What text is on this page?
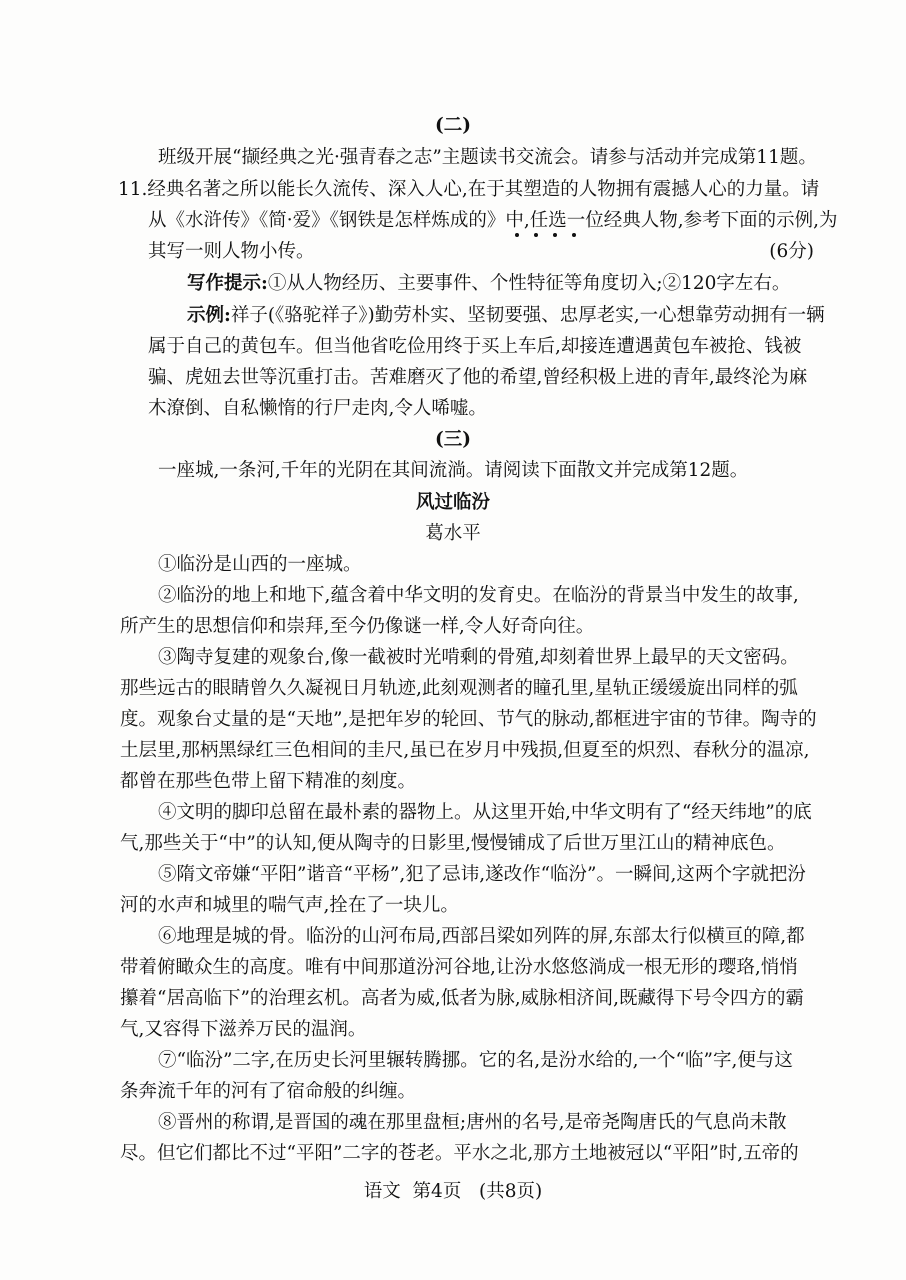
(二)
班级开展“撷经典之光·强青春之志”主题读书交流会。请参与活动并完成第11题。
11.经典名著之所以能长久流传、深入人心,在于其塑造的人物拥有震撼人心的力量。请
从《水浒传》《简·爱》《钢铁是怎样炼成的》中,任选一位经典人物,参考下面的示例,为
其写一则人物小传。	(6分)
写作提示:①从人物经历、主要事件、个性特征等角度切入;②120字左右。
示例:祥子(《骆驼祥子》)勤劳朴实、坚韧要强、忠厚老实,一心想靠劳动拥有一辆
属于自己的黄包车。但当他省吃俭用终于买上车后,却接连遭遇黄包车被抢、钱被
骗、虎妞去世等沉重打击。苦难磨灭了他的希望,曾经积极上进的青年,最终沦为麻
木潦倒、自私懒惰的行尸走肉,令人唏嘘。
(三)
一座城,一条河,千年的光阴在其间流淌。请阅读下面散文并完成第12题。
风过临汾
葛水平
①临汾是山西的一座城。
②临汾的地上和地下,蕴含着中华文明的发育史。在临汾的背景当中发生的故事,
所产生的思想信仰和崇拜,至今仍像谜一样,令人好奇向往。
③陶寺复建的观象台,像一截被时光啃剩的骨殖,却刻着世界上最早的天文密码。
那些远古的眼睛曾久久凝视日月轨迹,此刻观测者的瞳孔里,星轨正缓缓旋出同样的弧
度。观象台丈量的是“天地”,是把年岁的轮回、节气的脉动,都框进宇宙的节律。陶寺的
土层里,那柄黑绿红三色相间的圭尺,虽已在岁月中残损,但夏至的炽烈、春秋分的温凉,
都曾在那些色带上留下精准的刻度。
④文明的脚印总留在最朴素的器物上。从这里开始,中华文明有了“经天纬地”的底
气,那些关于“中”的认知,便从陶寺的日影里,慢慢铺成了后世万里江山的精神底色。
⑤隋文帝嫌“平阳”谐音“平杨”,犯了忌讳,遂改作“临汾”。一瞬间,这两个字就把汾
河的水声和城里的喘气声,拴在了一块儿。
⑥地理是城的骨。临汾的山河布局,西部吕梁如列阵的屏,东部太行似横亘的障,都
带着俯瞰众生的高度。唯有中间那道汾河谷地,让汾水悠悠淌成一根无形的璎珞,悄悄
攥着“居高临下”的治理玄机。高者为威,低者为脉,威脉相济间,既藏得下号令四方的霸
气,又容得下滋养万民的温润。
⑦“临汾”二字,在历史长河里辗转腾挪。它的名,是汾水给的,一个“临”字,便与这
条奔流千年的河有了宿命般的纠缠。
⑧晋州的称谓,是晋国的魂在那里盘桓;唐州的名号,是帝尧陶唐氏的气息尚未散
尽。但它们都比不过“平阳”二字的苍老。平水之北,那方土地被冠以“平阳”时,五帝的
语文  第4页   (共8页)
